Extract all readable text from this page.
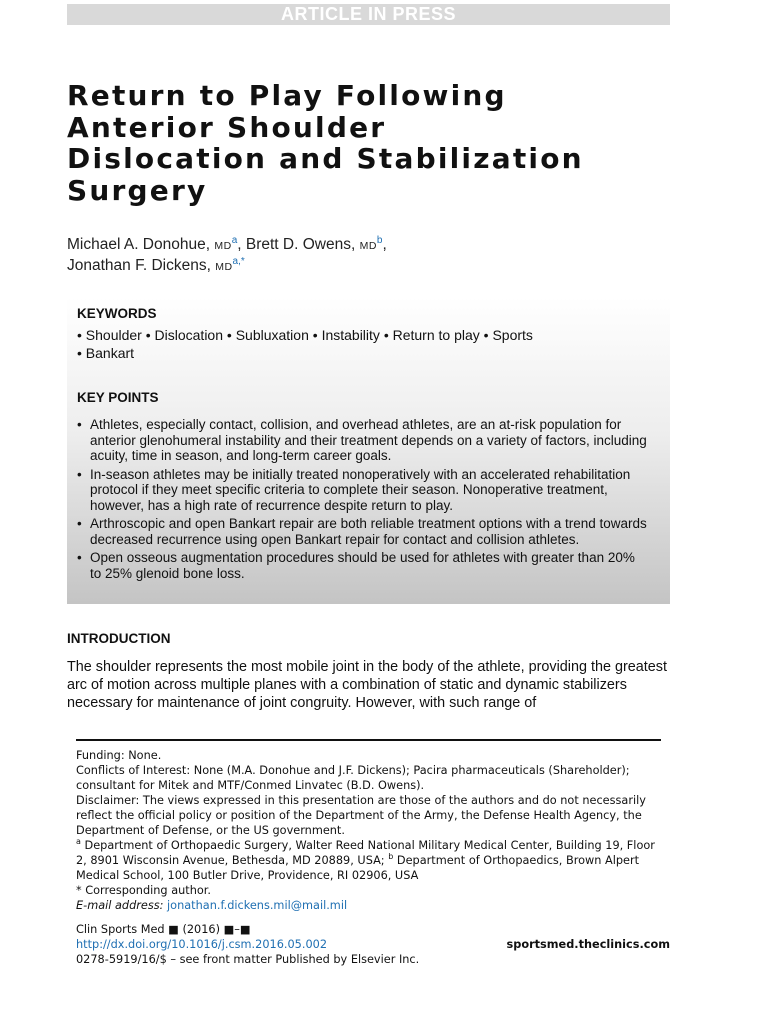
ARTICLE IN PRESS
Return to Play Following
Anterior Shoulder
Dislocation and Stabilization
Surgery
Michael A. Donohue, $MD^a$, Brett D. Owens, $MD^b$,
Jonathan F. Dickens, $MD^{a,*}$
KEYWORDS
• Shoulder • Dislocation • Subluxation • Instability • Return to play • Sports
• Bankart
KEY POINTS
• Athletes, especially contact, collision, and overhead athletes, are an at-risk population for anterior glenohumeral instability and their treatment depends on a variety of factors, including acuity, time in season, and long-term career goals.
• In-season athletes may be initially treated nonoperatively with an accelerated rehabilitation protocol if they meet specific criteria to complete their season. Nonoperative treatment, however, has a high rate of recurrence despite return to play.
• Arthroscopic and open Bankart repair are both reliable treatment options with a trend towards decreased recurrence using open Bankart repair for contact and collision athletes.
• Open osseous augmentation procedures should be used for athletes with greater than 20% to 25% glenoid bone loss.
INTRODUCTION
The shoulder represents the most mobile joint in the body of the athlete, providing the greatest arc of motion across multiple planes with a combination of static and dynamic stabilizers necessary for maintenance of joint congruity. However, with such range of

Funding: None.

Conflicts of Interest: None (M.A. Donohue and J.F. Dickens); Pacira pharmaceuticals (Shareholder); consultant for Mitek and MTF/Conmed Linvatec (B.D. Owens).

Disclaimer: The views expressed in this presentation are those of the authors and do not necessarily reflect the official policy or position of the Department of the Army, the Defense Health Agency, the Department of Defense, or the US government.

$^a$ Department of Orthopaedic Surgery, Walter Reed National Military Medical Center, Building 19, Floor 2, 8901 Wisconsin Avenue, Bethesda, MD 20889, USA; $^b$ Department of Orthopaedics, Brown Alpert Medical School, 100 Butler Drive, Providence, RI 02906, USA

* Corresponding author.

E-mail address: jonathan.f.dickens.mil@mail.mil

Clin Sports Med ■ (2016) ■–■

http://dx.doi.org/10.1016/j.csm.2016.05.002

0278-5919/16/$ – see front matter Published by Elsevier Inc.

sportsmed.theclinics.com
